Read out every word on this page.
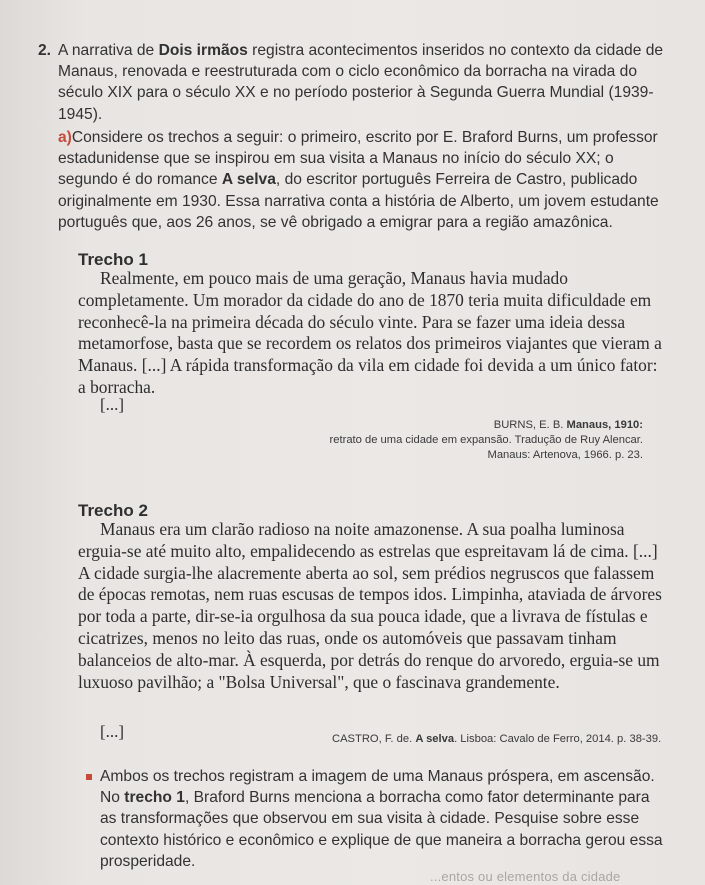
2. A narrativa de Dois irmãos registra acontecimentos inseridos no contexto da cidade de Manaus, renovada e reestruturada com o ciclo econômico da borracha na virada do século XIX para o século XX e no período posterior à Segunda Guerra Mundial (1939-1945).
a)Considere os trechos a seguir: o primeiro, escrito por E. Braford Burns, um professor estadunidense que se inspirou em sua visita a Manaus no início do século XX; o segundo é do romance A selva, do escritor português Ferreira de Castro, publicado originalmente em 1930. Essa narrativa conta a história de Alberto, um jovem estudante português que, aos 26 anos, se vê obrigado a emigrar para a região amazônica.
Trecho 1
Realmente, em pouco mais de uma geração, Manaus havia mudado completamente. Um morador da cidade do ano de 1870 teria muita dificuldade em reconhecê-la na primeira década do século vinte. Para se fazer uma ideia dessa metamorfose, basta que se recordem os relatos dos primeiros viajantes que vieram a Manaus. [...] A rápida transformação da vila em cidade foi devida a um único fator: a borracha.
[...]
BURNS, E. B. Manaus, 1910:
retrato de uma cidade em expansão. Tradução de Ruy Alencar.
Manaus: Artenova, 1966. p. 23.
Trecho 2
Manaus era um clarão radioso na noite amazonense. A sua poalha luminosa erguia-se até muito alto, empalidecendo as estrelas que espreitavam lá de cima. [...] A cidade surgia-lhe alacremente aberta ao sol, sem prédios negruscos que falassem de épocas remotas, nem ruas escusas de tempos idos. Limpinha, ataviada de árvores por toda a parte, dir-se-ia orgulhosa da sua pouca idade, que a livrava de fístulas e cicatrizes, menos no leito das ruas, onde os automóveis que passavam tinham balanceios de alto-mar. À esquerda, por detrás do renque do arvoredo, erguia-se um luxuoso pavilhão; a "Bolsa Universal", que o fascinava grandemente.
[...]	CASTRO, F. de. A selva. Lisboa: Cavalo de Ferro, 2014. p. 38-39.
Ambos os trechos registram a imagem de uma Manaus próspera, em ascensão. No trecho 1, Braford Burns menciona a borracha como fator determinante para as transformações que observou em sua visita à cidade. Pesquise sobre esse contexto histórico e econômico e explique de que maneira a borracha gerou essa prosperidade.
...entos ou elementos da cidade
